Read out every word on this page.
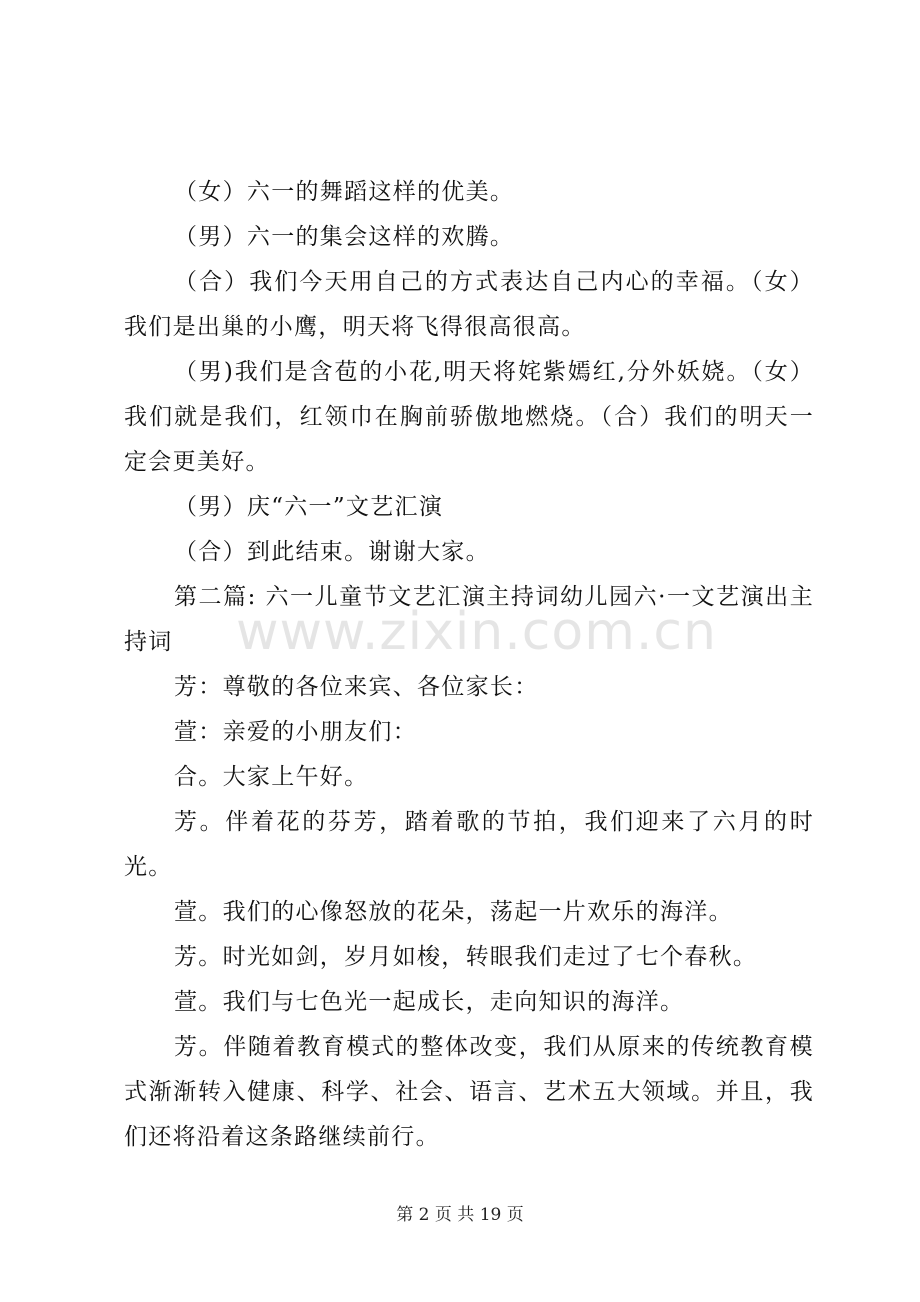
（女）六一的舞蹈这样的优美。

（男）六一的集会这样的欢腾。

（合）我们今天用自己的方式表达自己内心的幸福。（女）我们是出巢的小鹰，明天将飞得很高很高。

（男)我们是含苞的小花,明天将姹紫嫣红,分外妖娆。（女）我们就是我们，红领巾在胸前骄傲地燃烧。（合）我们的明天一定会更美好。

（男）庆“六一”文艺汇演

（合）到此结束。谢谢大家。

第二篇: 六一儿童节文艺汇演主持词幼儿园六·一文艺演出主持词

芳：尊敬的各位来宾、各位家长：

萱：亲爱的小朋友们：

合。大家上午好。

芳。伴着花的芬芳，踏着歌的节拍，我们迎来了六月的时光。

萱。我们的心像怒放的花朵，荡起一片欢乐的海洋。

芳。时光如剑，岁月如梭，转眼我们走过了七个春秋。

萱。我们与七色光一起成长，走向知识的海洋。

芳。伴随着教育模式的整体改变，我们从原来的传统教育模式渐渐转入健康、科学、社会、语言、艺术五大领域。并且，我们还将沿着这条路继续前行。

www.zixin.com.cn
第 2 页 共 19 页
